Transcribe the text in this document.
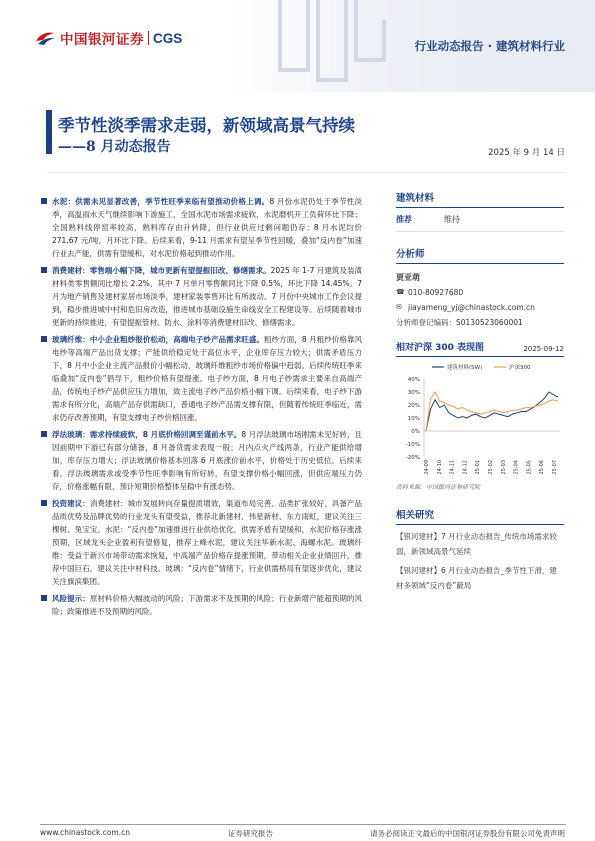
中国银河证券 CGS
行业动态报告 · 建筑材料行业
季节性淡季需求走弱，新领域高景气持续
——8 月动态报告	2025 年 9 月 14 日
水泥：供需未见显著改善，季节性旺季来临有望推动价格上调。8 月份水泥仍处于季节性淡季，高温雨水天气继续影响下游施工，全国水泥市场需求疲软，水泥磨机开工负荷环比下降；全国熟料线停窑率较高，熟料库存由升转降，但行业供应过剩问题仍存；8 月水泥均价 271.67 元/吨，月环比下降。后续来看，9-11 月需求有望呈季节性回暖，叠加“反内卷”加速行业去产能，供需有望缓和，对水泥价格起到推动作用。
消费建材：零售端小幅下降，城市更新有望提振旧改、修缮需求。2025 年 1-7 月建筑及装潢材料类零售额同比增长 2.2%，其中 7 月单月零售额同比下降 0.5%，环比下降 14.45%。7 月为地产销售及建材家居市场淡季，建材家装零售环比有所波动。7 月份中央城市工作会议提到，稳步推进城中村和危旧房改造，推进城市基础设施生命线安全工程建设等。后续随着城市更新的持续推进，有望提振管材、防水、涂料等消费建材旧改、修缮需求。
玻璃纤维：中小企业粗纱报价松动，高端电子纱产品需求旺盛。粗纱方面，8 月粗纱价格靠风电纱等高端产品出货支撑；产能供给稳定处于高位水平，企业库存压力较大；供需矛盾压力下，8 月中小企业主流产品报价小幅松动，玻璃纤维粗纱市场价格偏中趋弱。后续传统旺季来临叠加“反内卷”倡导下，粗纱价格有望提涨。电子纱方面，8 月电子纱需求主要来自高端产品，传统电子纱产品供应压力增加，致主流电子纱产品价格小幅下调。后续来看，电子纱下游需求有所分化，高端产品存供需缺口，普通电子纱产品需支撑有限，但随着传统旺季临近，需求仍存改善预期，有望支撑电子纱价格回涨。
浮法玻璃：需求持续疲软，8 月底价格回调至谨前水平。8 月浮法玻璃市场刚需未见好转，且因前期中下游已有部分储备，8 月备货需求表现一般；月内点火产线两条，行业产能供给增加，库存压力增大；浮法玻璃价格基本回落 6 月底涨价前水平，价格处于历史低位。后续来看，浮法玻璃需求或受季节性旺季影响有所好转，有望支撑价格小幅回涨，但供应端压力仍存，价格涨幅有限，预计短期价格整体呈稳中有涨态势。
投资建议：消费建材：城市发展转向存量提质增效，渠道布局完善、品类扩张较好、具备产品品质优势及品牌优势的行业龙头有望受益，推荐北新建材、伟星新材、东方雨虹，建议关注三棵树、兔宝宝。水泥：“反内卷”加速推进行业供给优化，供需矛盾有望缓和，水泥价格存涨涨预期，区域龙头企业盈利有望修复，推荐上峰水泥，建议关注华新水泥、海螺水泥。玻璃纤维：受益于新兴市场带动需求恢复，中高端产品价格存提涨预期，带动相关企业业绩回升，推荐中国巨石，建议关注中材科技。玻璃：“反内卷”情绪下，行业供需格局有望逐步优化，建议关注旗滨集团。
风险提示：原材料价格大幅波动的风险；下游需求不及预期的风险；行业新增产能超预期的风险；政策推进不及预期的风险。
建筑材料
推荐	维持
分析师
贾亚萌
☎ 010-80927680
✉ jiayameng_yj@chinastock.com.cn
分析师登记编码：S0130523060001
相对沪深 300 表现图	2025-09-12
40%
30%
20%
10%
0%
-10%
-20%
24-09 24-10 24-11 24-12 25-01 25-02 25-03 25-04 25-05 25-06 25-07
建筑材料(SW)	沪深300
资料来源：中国银河证券研究院
相关研究
【银河建材】7 月行业动态报告_传统市场需求较弱，新领域高景气延续
【银河建材】6 月行业动态报告_季节性下滑，建材多领域“反内卷”蔽局
www.chinastock.com.cn	证券研究报告	请务必阅读正文最后的中国银河证券股份有限公司免责声明
